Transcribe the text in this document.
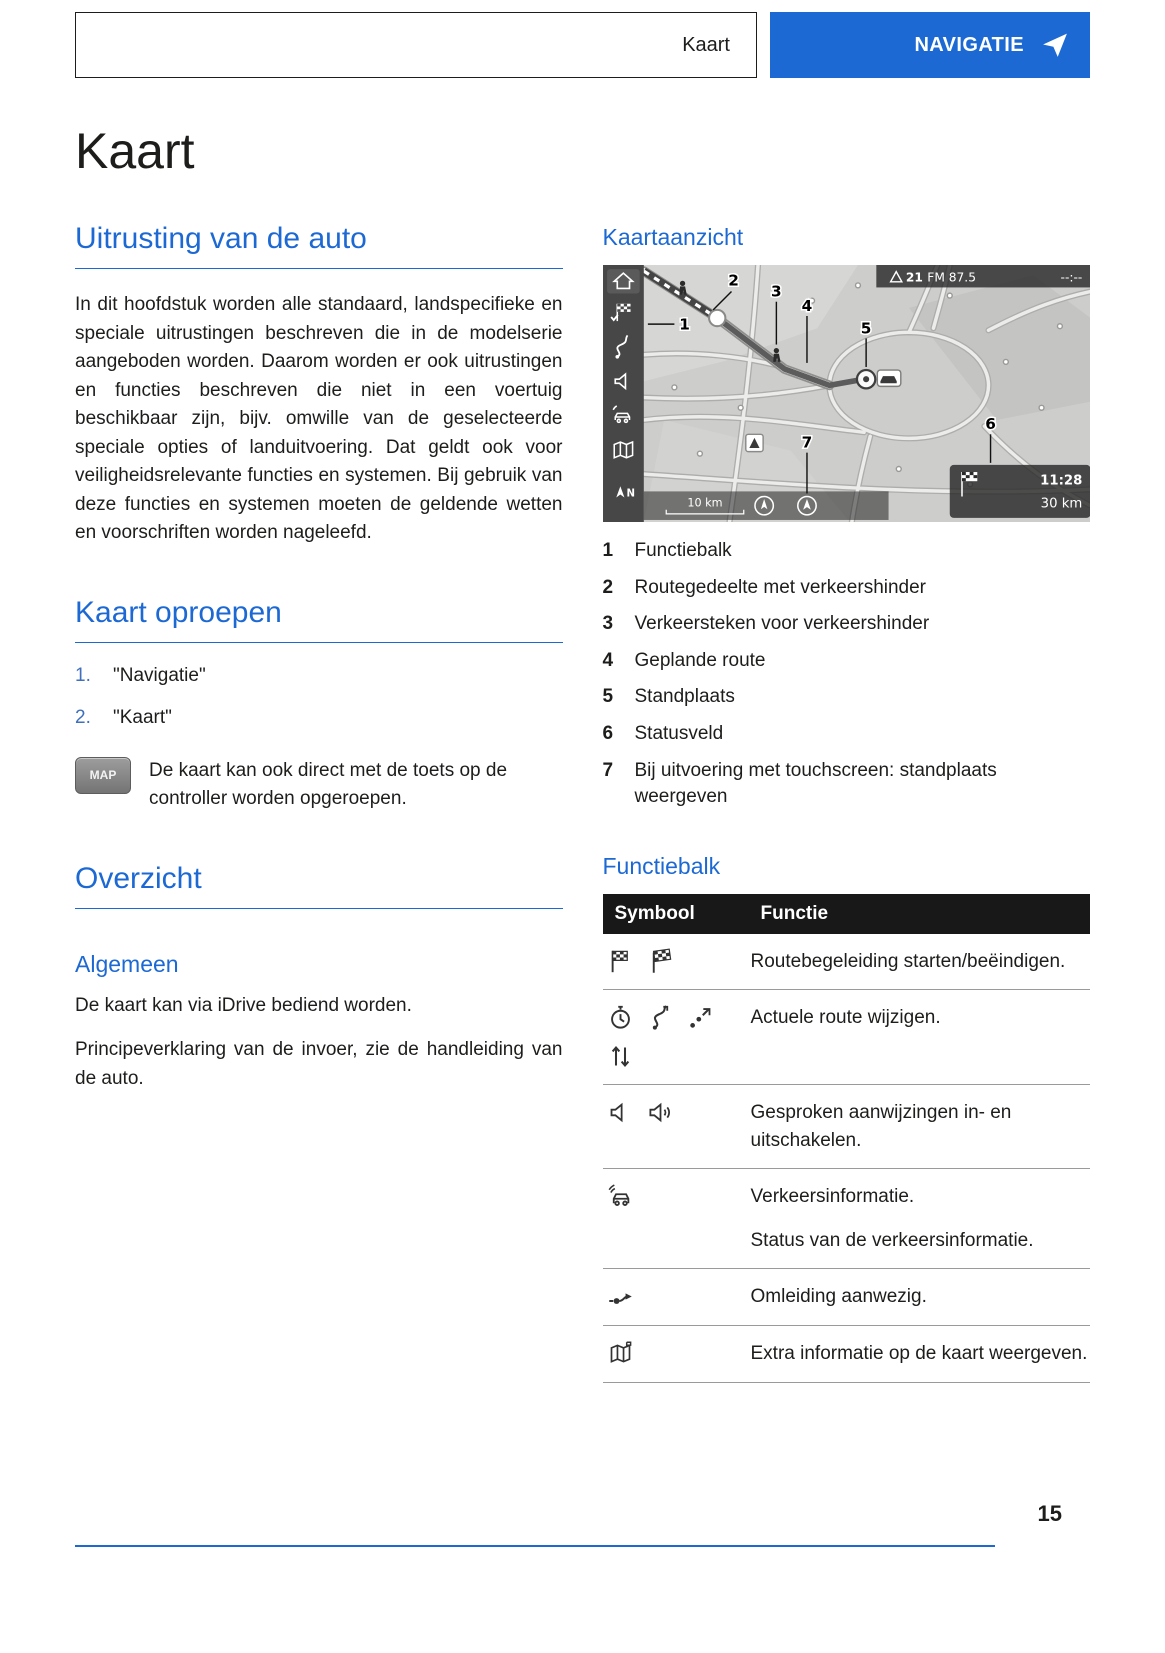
Kaart	NAVIGATIE
Kaart
Uitrusting van de auto

In dit hoofdstuk worden alle standaard, landspecifieke en speciale uitrustingen beschreven die in de modelserie aangeboden worden. Daarom worden er ook uitrustingen en functies beschreven die niet in een voertuig beschikbaar zijn, bijv. omwille van de geselecteerde speciale opties of landuitvoering. Dat geldt ook voor veiligheidsrelevante functies en systemen. Bij gebruik van deze functies en systemen moeten de geldende wetten en voorschriften worden nageleefd.

Kaart oproepen
1.	"Navigatie"
2.	"Kaart"
MAP	De kaart kan ook direct met de toets op de controller worden opgeroepen.

Overzicht
Algemeen

De kaart kan via iDrive bediend worden.

Principeverklaring van de invoer, zie de handleiding van de auto.

Kaartaanzicht
N
21 FM 87.5	--:--
10 km
11:28
30 km
1
2
3
4
5
6
7
1	Functiebalk
2	Routegedeelte met verkeershinder
3	Verkeersteken voor verkeershinder
4	Geplande route
5	Standplaats
6	Statusveld
7	Bij uitvoering met touchscreen: standplaats weergeven
Functiebalk
Symbool	Functie

Routebegeleiding starten/beëindigen.

Actuele route wijzigen.

Gesproken aanwijzingen in- en uitschakelen.

Verkeersinformatie.

Status van de verkeersinformatie.

Omleiding aanwezig.

Extra informatie op de kaart weergeven.

15
